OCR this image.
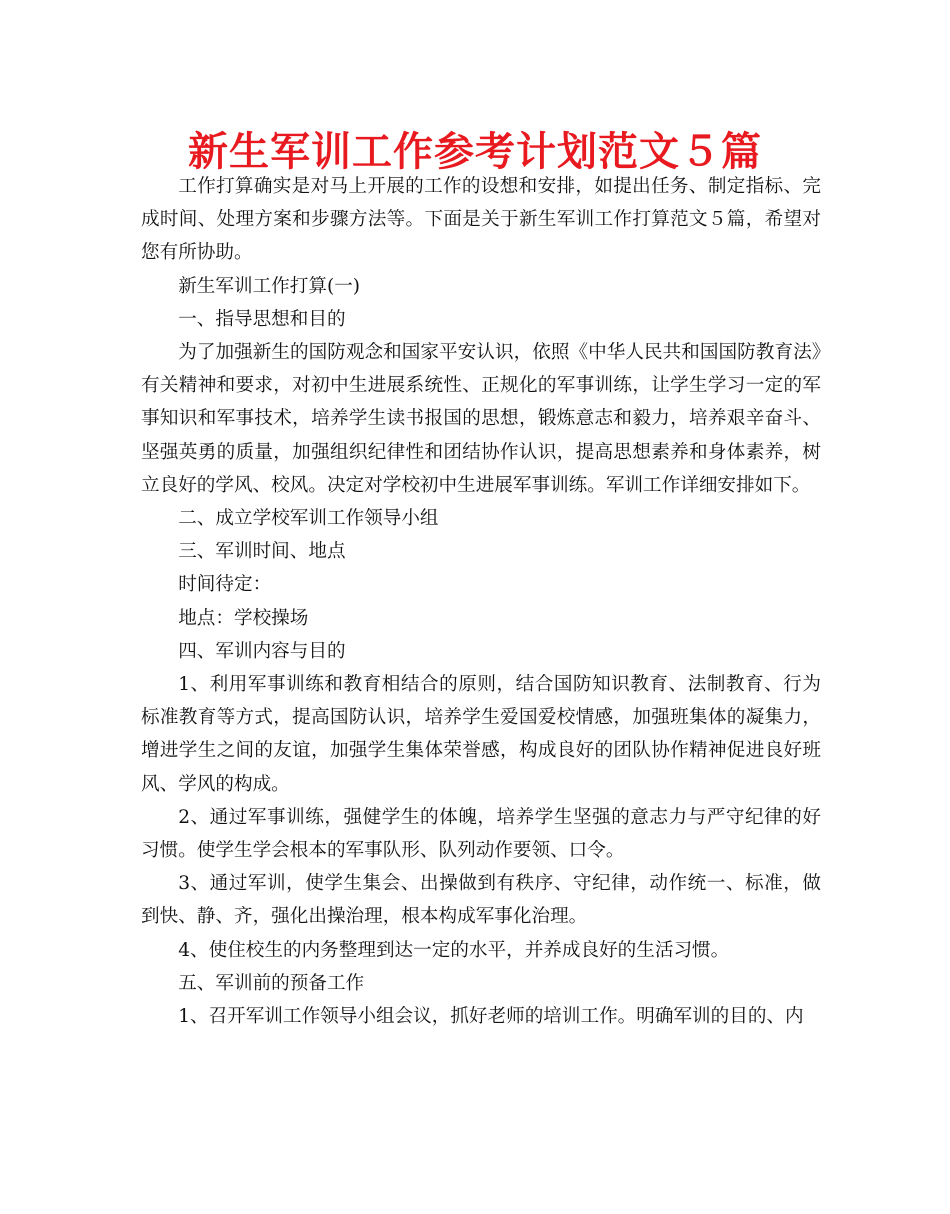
新生军训工作参考计划范文５篇

工作打算确实是对马上开展的工作的设想和安排，如提出任务、制定指标、完成时间、处理方案和步骤方法等。下面是关于新生军训工作打算范文５篇，希望对您有所协助。

新生军训工作打算(一)

一、指导思想和目的

为了加强新生的国防观念和国家平安认识，依照《中华人民共和国国防教育法》有关精神和要求，对初中生进展系统性、正规化的军事训练，让学生学习一定的军事知识和军事技术，培养学生读书报国的思想，锻炼意志和毅力，培养艰辛奋斗、坚强英勇的质量，加强组织纪律性和团结协作认识，提高思想素养和身体素养，树立良好的学风、校风。决定对学校初中生进展军事训练。军训工作详细安排如下。

二、成立学校军训工作领导小组

三、军训时间、地点

时间待定：

地点：学校操场

四、军训内容与目的

1、利用军事训练和教育相结合的原则，结合国防知识教育、法制教育、行为标准教育等方式，提高国防认识，培养学生爱国爱校情感，加强班集体的凝集力，增进学生之间的友谊，加强学生集体荣誉感，构成良好的团队协作精神促进良好班风、学风的构成。

2、通过军事训练，强健学生的体魄，培养学生坚强的意志力与严守纪律的好习惯。使学生学会根本的军事队形、队列动作要领、口令。

3、通过军训，使学生集会、出操做到有秩序、守纪律，动作统一、标准，做到快、静、齐，强化出操治理，根本构成军事化治理。

4、使住校生的内务整理到达一定的水平，并养成良好的生活习惯。

五、军训前的预备工作

1、召开军训工作领导小组会议，抓好老师的培训工作。明确军训的目的、内
